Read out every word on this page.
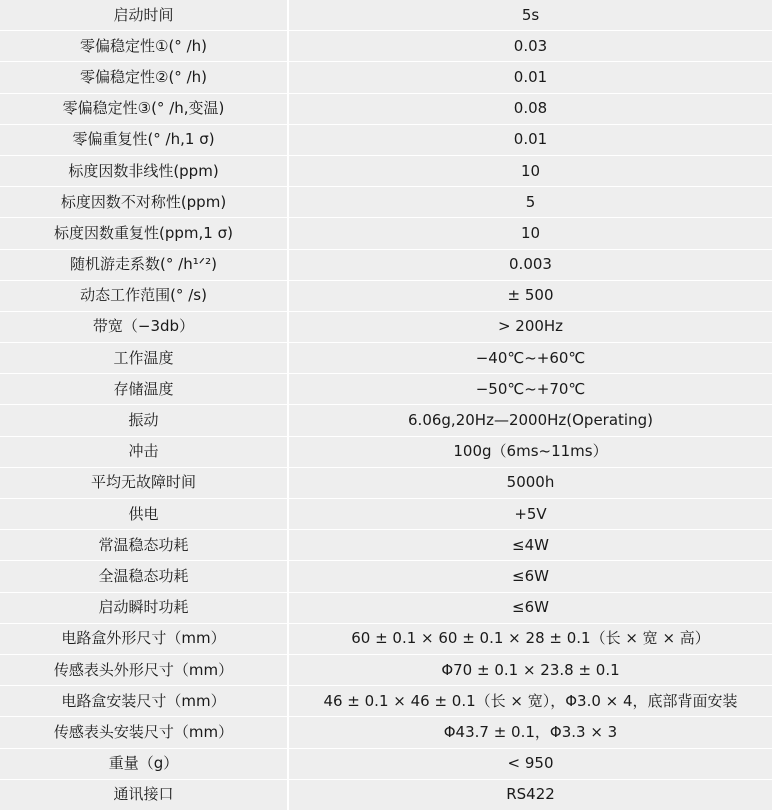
启动时间	5s
零偏稳定性①(° /h)	0.03
零偏稳定性②(° /h)	0.01
零偏稳定性③(° /h,变温)	0.08
零偏重复性(° /h,1 σ)	0.01
标度因数非线性(ppm)	10
标度因数不对称性(ppm)	5
标度因数重复性(ppm,1 σ)	10
随机游走系数(° /h¹ᐟ²)	0.003
动态工作范围(° /s)	± 500
带宽（−3db）	> 200Hz
工作温度	−40℃~+60℃
存储温度	−50℃~+70℃
振动	6.06g,20Hz—2000Hz(Operating)
冲击	100g（6ms~11ms）
平均无故障时间	5000h
供电	+5V
常温稳态功耗	≤4W
全温稳态功耗	≤6W
启动瞬时功耗	≤6W
电路盒外形尺寸（mm）	60 ± 0.1 × 60 ± 0.1 × 28 ± 0.1（长 × 宽 × 高）
传感表头外形尺寸（mm）	Φ70 ± 0.1 × 23.8 ± 0.1
电路盒安装尺寸（mm）	46 ± 0.1 × 46 ± 0.1（长 × 宽），Φ3.0 × 4，底部背面安装
传感表头安装尺寸（mm）	Φ43.7 ± 0.1，Φ3.3 × 3
重量（g）	< 950
通讯接口	RS422
